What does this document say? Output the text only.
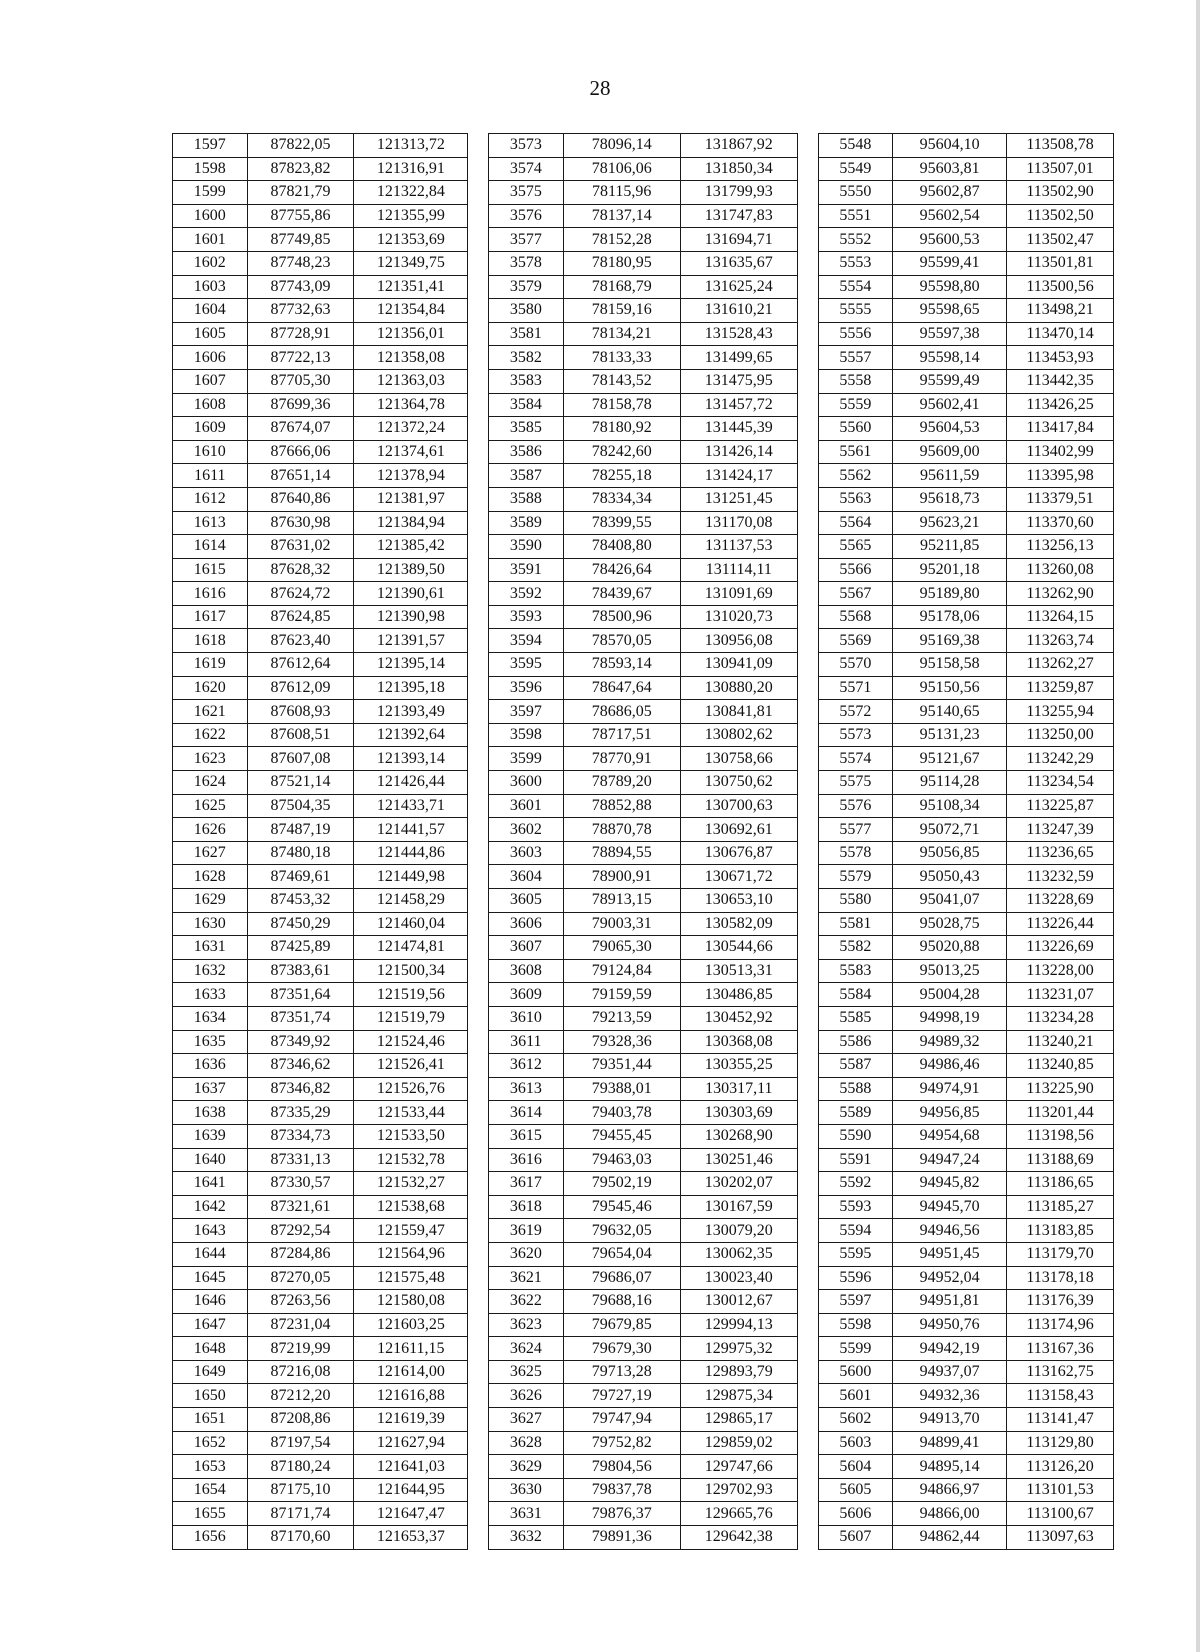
28
1597	87822,05	121313,72		3573	78096,14	131867,92		5548	95604,10	113508,78
1598	87823,82	121316,91		3574	78106,06	131850,34		5549	95603,81	113507,01
1599	87821,79	121322,84		3575	78115,96	131799,93		5550	95602,87	113502,90
1600	87755,86	121355,99		3576	78137,14	131747,83		5551	95602,54	113502,50
1601	87749,85	121353,69		3577	78152,28	131694,71		5552	95600,53	113502,47
1602	87748,23	121349,75		3578	78180,95	131635,67		5553	95599,41	113501,81
1603	87743,09	121351,41		3579	78168,79	131625,24		5554	95598,80	113500,56
1604	87732,63	121354,84		3580	78159,16	131610,21		5555	95598,65	113498,21
1605	87728,91	121356,01		3581	78134,21	131528,43		5556	95597,38	113470,14
1606	87722,13	121358,08		3582	78133,33	131499,65		5557	95598,14	113453,93
1607	87705,30	121363,03		3583	78143,52	131475,95		5558	95599,49	113442,35
1608	87699,36	121364,78		3584	78158,78	131457,72		5559	95602,41	113426,25
1609	87674,07	121372,24		3585	78180,92	131445,39		5560	95604,53	113417,84
1610	87666,06	121374,61		3586	78242,60	131426,14		5561	95609,00	113402,99
1611	87651,14	121378,94		3587	78255,18	131424,17		5562	95611,59	113395,98
1612	87640,86	121381,97		3588	78334,34	131251,45		5563	95618,73	113379,51
1613	87630,98	121384,94		3589	78399,55	131170,08		5564	95623,21	113370,60
1614	87631,02	121385,42		3590	78408,80	131137,53		5565	95211,85	113256,13
1615	87628,32	121389,50		3591	78426,64	131114,11		5566	95201,18	113260,08
1616	87624,72	121390,61		3592	78439,67	131091,69		5567	95189,80	113262,90
1617	87624,85	121390,98		3593	78500,96	131020,73		5568	95178,06	113264,15
1618	87623,40	121391,57		3594	78570,05	130956,08		5569	95169,38	113263,74
1619	87612,64	121395,14		3595	78593,14	130941,09		5570	95158,58	113262,27
1620	87612,09	121395,18		3596	78647,64	130880,20		5571	95150,56	113259,87
1621	87608,93	121393,49		3597	78686,05	130841,81		5572	95140,65	113255,94
1622	87608,51	121392,64		3598	78717,51	130802,62		5573	95131,23	113250,00
1623	87607,08	121393,14		3599	78770,91	130758,66		5574	95121,67	113242,29
1624	87521,14	121426,44		3600	78789,20	130750,62		5575	95114,28	113234,54
1625	87504,35	121433,71		3601	78852,88	130700,63		5576	95108,34	113225,87
1626	87487,19	121441,57		3602	78870,78	130692,61		5577	95072,71	113247,39
1627	87480,18	121444,86		3603	78894,55	130676,87		5578	95056,85	113236,65
1628	87469,61	121449,98		3604	78900,91	130671,72		5579	95050,43	113232,59
1629	87453,32	121458,29		3605	78913,15	130653,10		5580	95041,07	113228,69
1630	87450,29	121460,04		3606	79003,31	130582,09		5581	95028,75	113226,44
1631	87425,89	121474,81		3607	79065,30	130544,66		5582	95020,88	113226,69
1632	87383,61	121500,34		3608	79124,84	130513,31		5583	95013,25	113228,00
1633	87351,64	121519,56		3609	79159,59	130486,85		5584	95004,28	113231,07
1634	87351,74	121519,79		3610	79213,59	130452,92		5585	94998,19	113234,28
1635	87349,92	121524,46		3611	79328,36	130368,08		5586	94989,32	113240,21
1636	87346,62	121526,41		3612	79351,44	130355,25		5587	94986,46	113240,85
1637	87346,82	121526,76		3613	79388,01	130317,11		5588	94974,91	113225,90
1638	87335,29	121533,44		3614	79403,78	130303,69		5589	94956,85	113201,44
1639	87334,73	121533,50		3615	79455,45	130268,90		5590	94954,68	113198,56
1640	87331,13	121532,78		3616	79463,03	130251,46		5591	94947,24	113188,69
1641	87330,57	121532,27		3617	79502,19	130202,07		5592	94945,82	113186,65
1642	87321,61	121538,68		3618	79545,46	130167,59		5593	94945,70	113185,27
1643	87292,54	121559,47		3619	79632,05	130079,20		5594	94946,56	113183,85
1644	87284,86	121564,96		3620	79654,04	130062,35		5595	94951,45	113179,70
1645	87270,05	121575,48		3621	79686,07	130023,40		5596	94952,04	113178,18
1646	87263,56	121580,08		3622	79688,16	130012,67		5597	94951,81	113176,39
1647	87231,04	121603,25		3623	79679,85	129994,13		5598	94950,76	113174,96
1648	87219,99	121611,15		3624	79679,30	129975,32		5599	94942,19	113167,36
1649	87216,08	121614,00		3625	79713,28	129893,79		5600	94937,07	113162,75
1650	87212,20	121616,88		3626	79727,19	129875,34		5601	94932,36	113158,43
1651	87208,86	121619,39		3627	79747,94	129865,17		5602	94913,70	113141,47
1652	87197,54	121627,94		3628	79752,82	129859,02		5603	94899,41	113129,80
1653	87180,24	121641,03		3629	79804,56	129747,66		5604	94895,14	113126,20
1654	87175,10	121644,95		3630	79837,78	129702,93		5605	94866,97	113101,53
1655	87171,74	121647,47		3631	79876,37	129665,76		5606	94866,00	113100,67
1656	87170,60	121653,37		3632	79891,36	129642,38		5607	94862,44	113097,63
